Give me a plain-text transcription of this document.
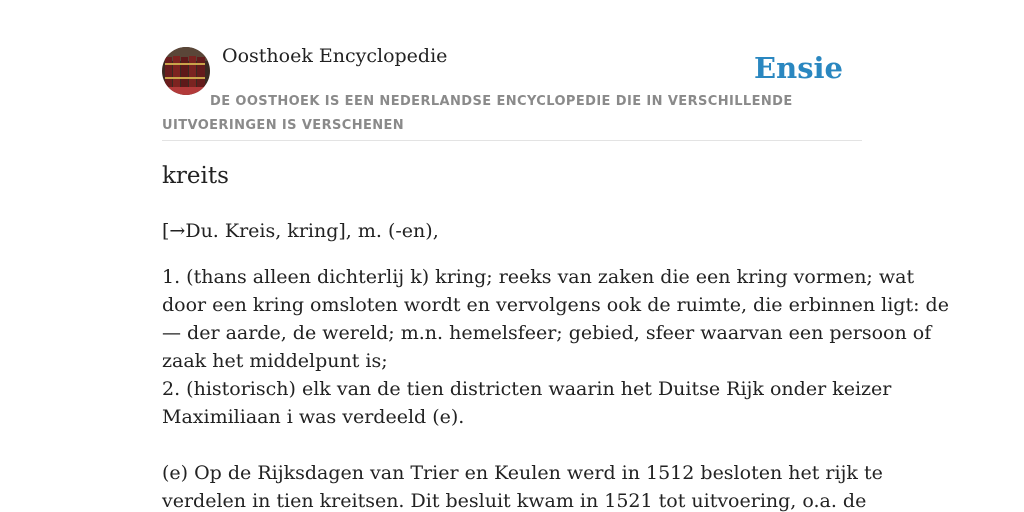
Oosthoek Encyclopedie	Ensie
DE OOSTHOEK IS EEN NEDERLANDSE ENCYCLOPEDIE DIE IN VERSCHILLENDE UITVOERINGEN IS VERSCHENEN
kreits

[→Du. Kreis, kring], m. (-en),

1. (thans alleen dichterlij k) kring; reeks van zaken die een kring vormen; wat
door een kring omsloten wordt en vervolgens ook de ruimte, die erbinnen ligt: de
— der aarde, de wereld; m.n. hemelsfeer; gebied, sfeer waarvan een persoon of
zaak het middelpunt is;
2. (historisch) elk van de tien districten waarin het Duitse Rijk onder keizer
Maximiliaan i was verdeeld (e).
(e) Op de Rijksdagen van Trier en Keulen werd in 1512 besloten het rijk te
verdelen in tien kreitsen. Dit besluit kwam in 1521 tot uitvoering, o.a. de
